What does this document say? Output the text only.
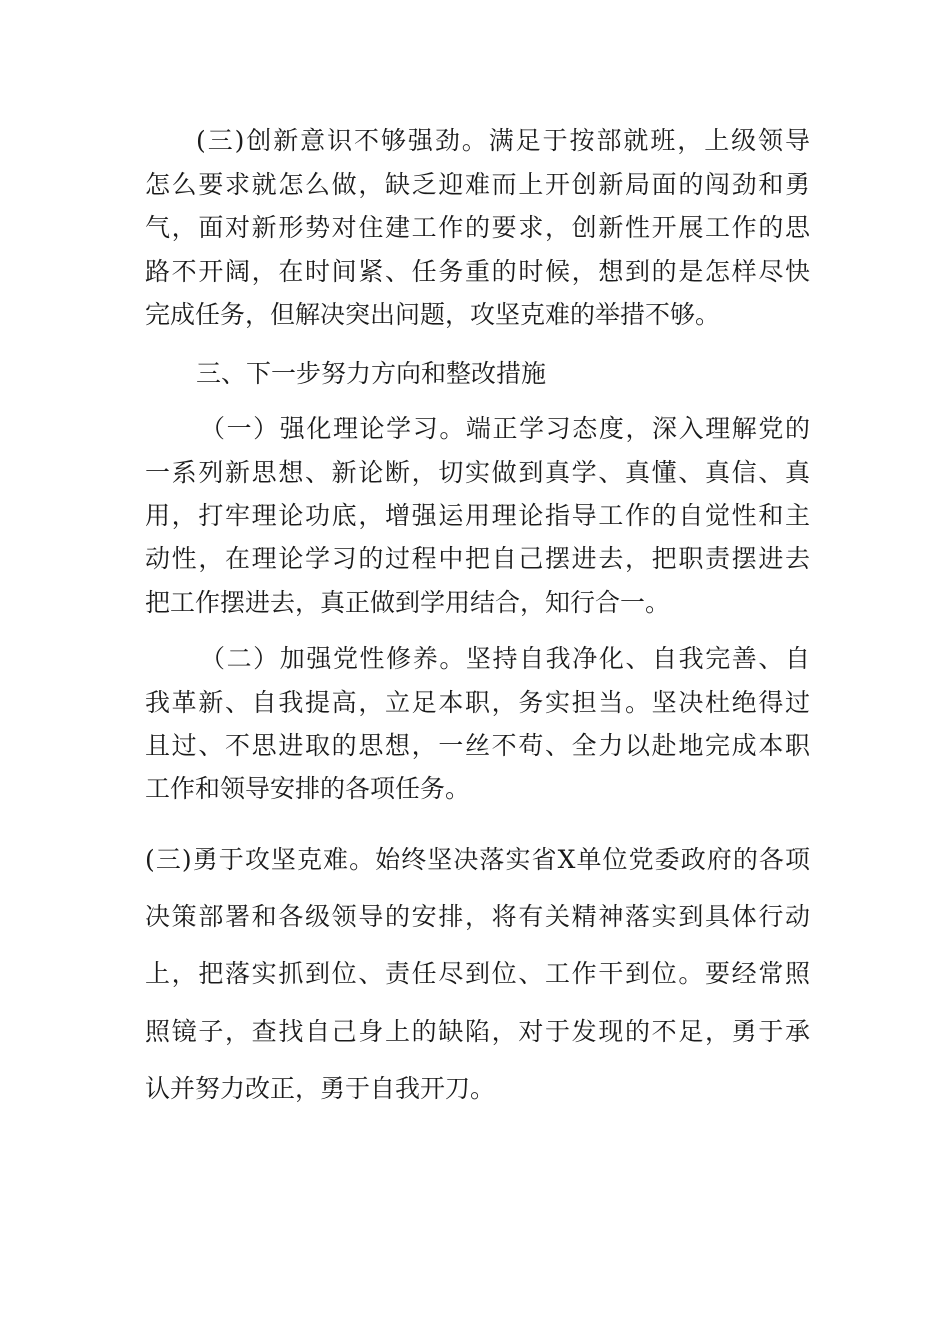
(三)创新意识不够强劲。满足于按部就班，上级领导

怎么要求就怎么做，缺乏迎难而上开创新局面的闯劲和勇

气，面对新形势对住建工作的要求，创新性开展工作的思

路不开阔，在时间紧、任务重的时候，想到的是怎样尽快

完成任务，但解决突出问题，攻坚克难的举措不够。

三、下一步努力方向和整改措施

（一）强化理论学习。端正学习态度，深入理解党的

一系列新思想、新论断，切实做到真学、真懂、真信、真

用，打牢理论功底，增强运用理论指导工作的自觉性和主

动性，在理论学习的过程中把自己摆进去，把职责摆进去

把工作摆进去，真正做到学用结合，知行合一。

（二）加强党性修养。坚持自我净化、自我完善、自

我革新、自我提高，立足本职，务实担当。坚决杜绝得过

且过、不思进取的思想，一丝不苟、全力以赴地完成本职

工作和领导安排的各项任务。

(三)勇于攻坚克难。始终坚决落实省X单位党委政府的各项

决策部署和各级领导的安排，将有关精神落实到具体行动

上，把落实抓到位、责任尽到位、工作干到位。要经常照

照镜子，查找自己身上的缺陷，对于发现的不足，勇于承

认并努力改正，勇于自我开刀。
